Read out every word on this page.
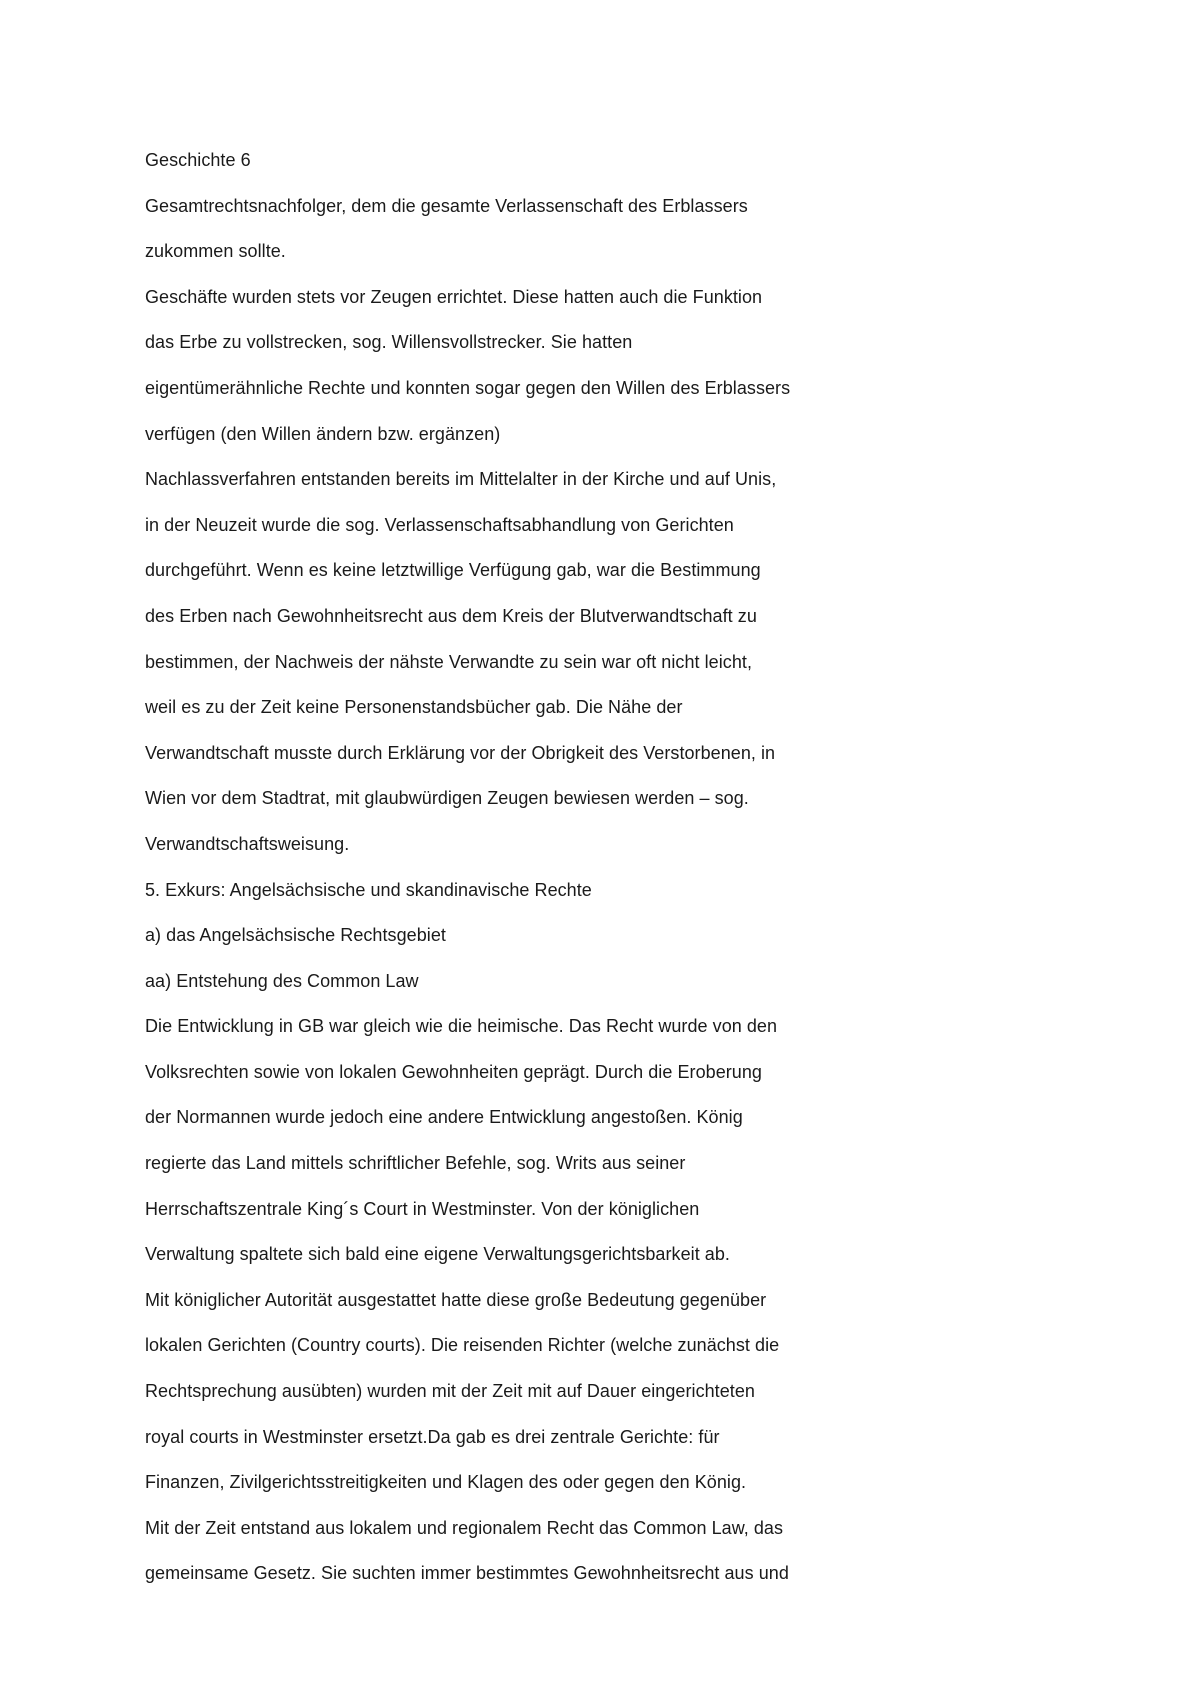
Geschichte 6
Gesamtrechtsnachfolger, dem die gesamte Verlassenschaft des Erblassers
zukommen sollte.
Geschäfte wurden stets vor Zeugen errichtet. Diese hatten auch die Funktion
das Erbe zu vollstrecken, sog. Willensvollstrecker. Sie hatten
eigentümerähnliche Rechte und konnten sogar gegen den Willen des Erblassers
verfügen (den Willen ändern bzw. ergänzen)
Nachlassverfahren entstanden bereits im Mittelalter in der Kirche und auf Unis,
in der Neuzeit wurde die sog. Verlassenschaftsabhandlung von Gerichten
durchgeführt. Wenn es keine letztwillige Verfügung gab, war die Bestimmung
des Erben nach Gewohnheitsrecht aus dem Kreis der Blutverwandtschaft zu
bestimmen, der Nachweis der nähste Verwandte zu sein war oft nicht leicht,
weil es zu der Zeit keine Personenstandsbücher gab. Die Nähe der
Verwandtschaft musste durch Erklärung vor der Obrigkeit des Verstorbenen, in
Wien vor dem Stadtrat, mit glaubwürdigen Zeugen bewiesen werden – sog.
Verwandtschaftsweisung.
5. Exkurs: Angelsächsische und skandinavische Rechte
a) das Angelsächsische Rechtsgebiet
aa) Entstehung des Common Law
Die Entwicklung in GB war gleich wie die heimische. Das Recht wurde von den
Volksrechten sowie von lokalen Gewohnheiten geprägt. Durch die Eroberung
der Normannen wurde jedoch eine andere Entwicklung angestoßen. König
regierte das Land mittels schriftlicher Befehle, sog. Writs aus seiner
Herrschaftszentrale King´s Court in Westminster. Von der königlichen
Verwaltung spaltete sich bald eine eigene Verwaltungsgerichtsbarkeit ab.
Mit königlicher Autorität ausgestattet hatte diese große Bedeutung gegenüber
lokalen Gerichten (Country courts). Die reisenden Richter (welche zunächst die
Rechtsprechung ausübten) wurden mit der Zeit mit auf Dauer eingerichteten
royal courts in Westminster ersetzt.Da gab es drei zentrale Gerichte: für
Finanzen, Zivilgerichtsstreitigkeiten und Klagen des oder gegen den König.
Mit der Zeit entstand aus lokalem und regionalem Recht das Common Law, das
gemeinsame Gesetz. Sie suchten immer bestimmtes Gewohnheitsrecht aus und
